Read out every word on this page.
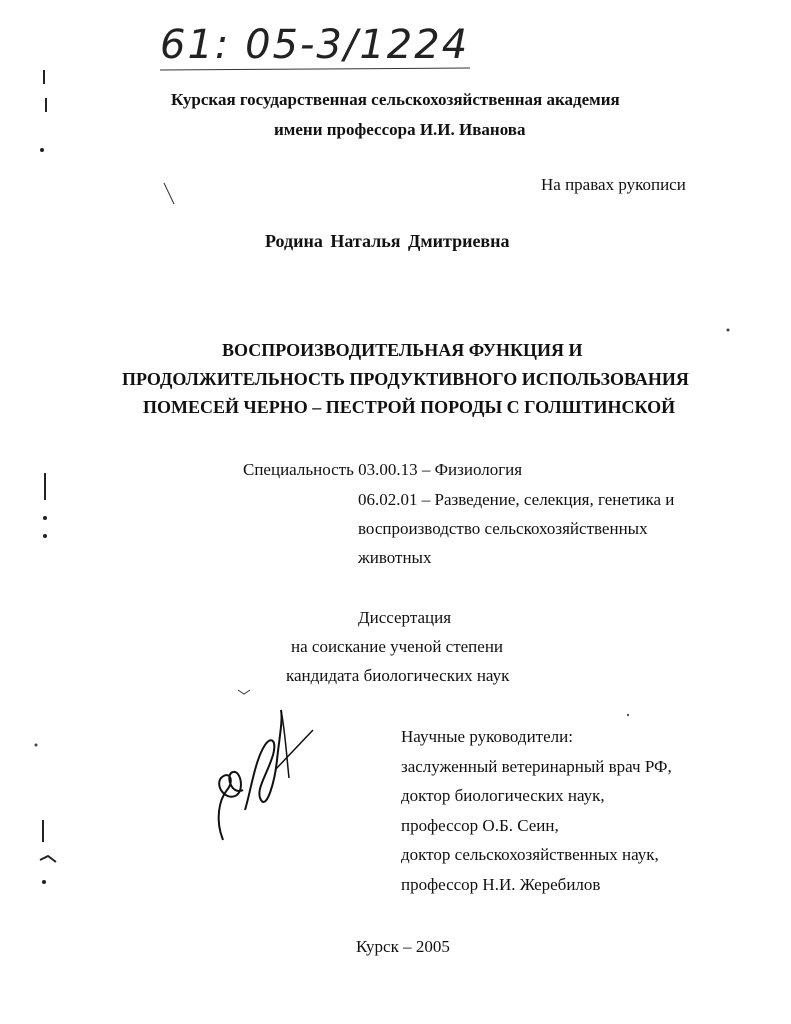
61: 05-3/1224
Курская государственная сельскохозяйственная академия
имени профессора И.И. Иванова
На правах рукописи
Родина Наталья Дмитриевна
ВОСПРОИЗВОДИТЕЛЬНАЯ ФУНКЦИЯ И
ПРОДОЛЖИТЕЛЬНОСТЬ ПРОДУКТИВНОГО ИСПОЛЬЗОВАНИЯ
ПОМЕСЕЙ ЧЕРНО – ПЕСТРОЙ ПОРОДЫ С ГОЛШТИНСКОЙ
Специальность 03.00.13 – Физиология
06.02.01 – Разведение, селекция, генетика и
воспроизводство сельскохозяйственных
животных
Диссертация
на соискание ученой степени
кандидата биологических наук
Научные руководители:
заслуженный ветеринарный врач РФ,
доктор биологических наук,
профессор О.Б. Сеин,
доктор сельскохозяйственных наук,
профессор Н.И. Жеребилов
Курск – 2005
